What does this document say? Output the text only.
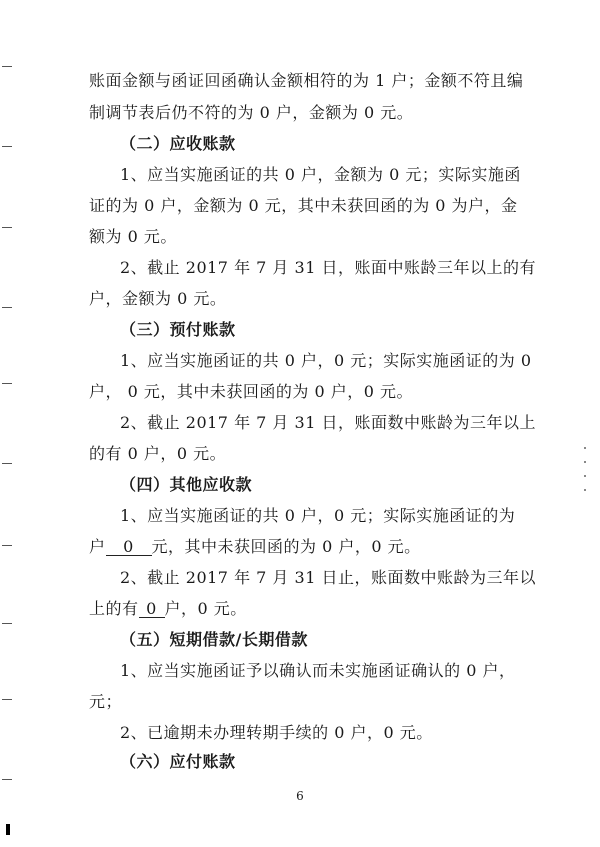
账面金额与函证回函确认金额相符的为 1 户；金额不符且编
制调节表后仍不符的为 0 户，金额为 0 元。
（二）应收账款
1、应当实施函证的共 0 户，金额为 0 元；实际实施函
证的为 0 户，金额为 0 元，其中未获回函的为 0 为户，金
额为 0 元。
2、截止 2017 年 7 月 31 日，账面中账龄三年以上的有
户，金额为 0 元。
（三）预付账款
1、应当实施函证的共 0 户，0 元；实际实施函证的为 0
户， 0 元，其中未获回函的为 0 户，0 元。
2、截止 2017 年 7 月 31 日，账面数中账龄为三年以上
的有 0 户，0 元。
（四）其他应收款
1、应当实施函证的共 0 户，0 元；实际实施函证的为
户 0 元，其中未获回函的为 0 户，0 元。
2、截止 2017 年 7 月 31 日止，账面数中账龄为三年以
上的有 0 户，0 元。
（五）短期借款/长期借款
1、应当实施函证予以确认而未实施函证确认的 0 户，
元；
2、已逾期未办理转期手续的 0 户，0 元。
（六）应付账款
6
